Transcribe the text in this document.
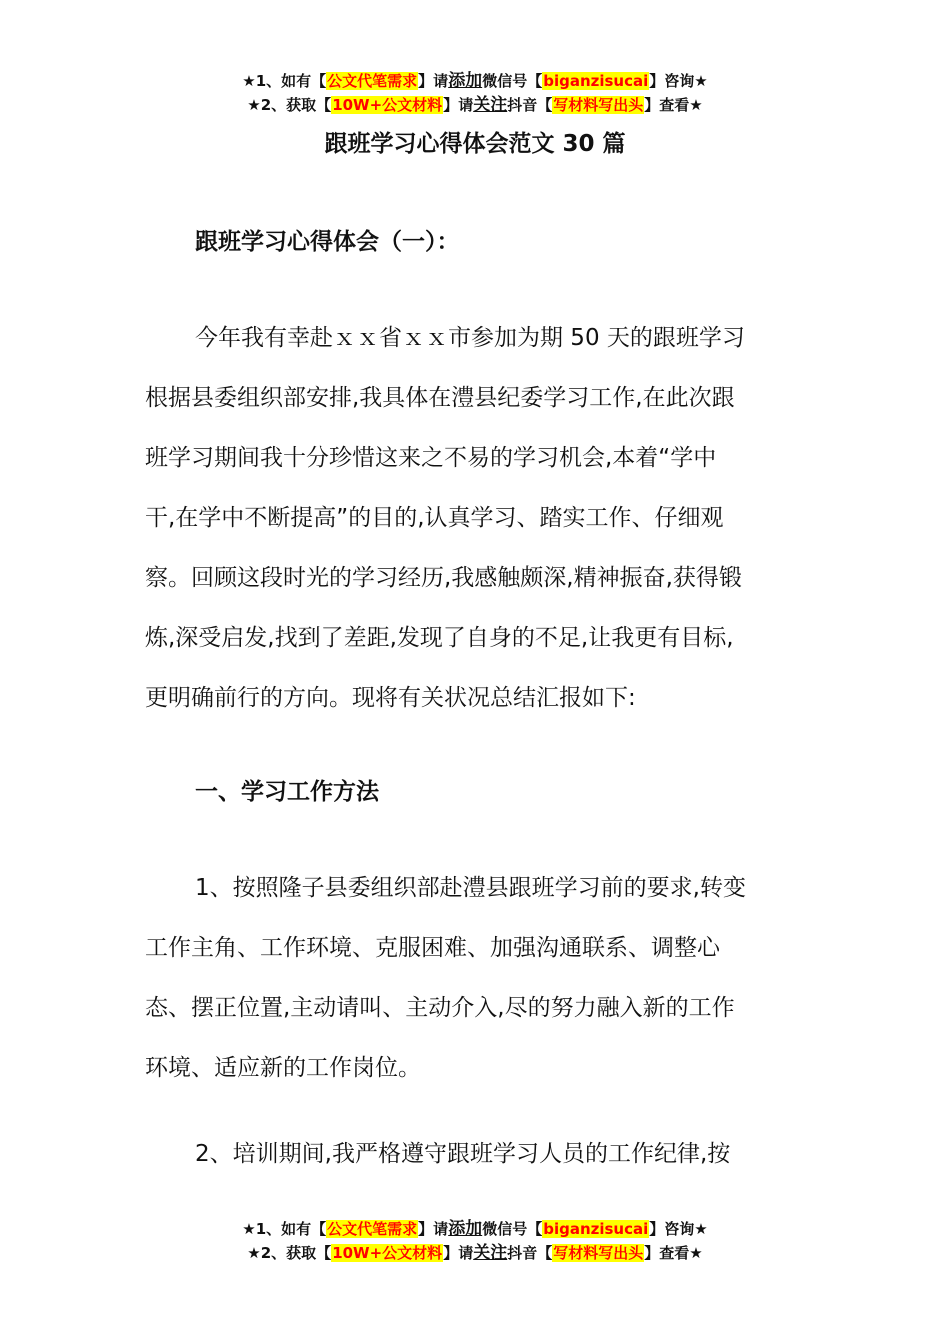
★1、如有【公文代笔需求】请添加微信号【biganzisucai】咨询★
★2、获取【10W+公文材料】请关注抖音【写材料写出头】查看★
跟班学习心得体会范文 30 篇
跟班学习心得体会（一）：
今年我有幸赴ｘｘ省ｘｘ市参加为期 50 天的跟班学习
根据县委组织部安排,我具体在澧县纪委学习工作,在此次跟
班学习期间我十分珍惜这来之不易的学习机会,本着“学中
干,在学中不断提高”的目的,认真学习、踏实工作、仔细观
察。回顾这段时光的学习经历,我感触颇深,精神振奋,获得锻
炼,深受启发,找到了差距,发现了自身的不足,让我更有目标,
更明确前行的方向。现将有关状况总结汇报如下:
一、学习工作方法
1、按照隆子县委组织部赴澧县跟班学习前的要求,转变
工作主角、工作环境、克服困难、加强沟通联系、调整心
态、摆正位置,主动请叫、主动介入,尽的努力融入新的工作
环境、适应新的工作岗位。
2、培训期间,我严格遵守跟班学习人员的工作纪律,按
★1、如有【公文代笔需求】请添加微信号【biganzisucai】咨询★
★2、获取【10W+公文材料】请关注抖音【写材料写出头】查看★
